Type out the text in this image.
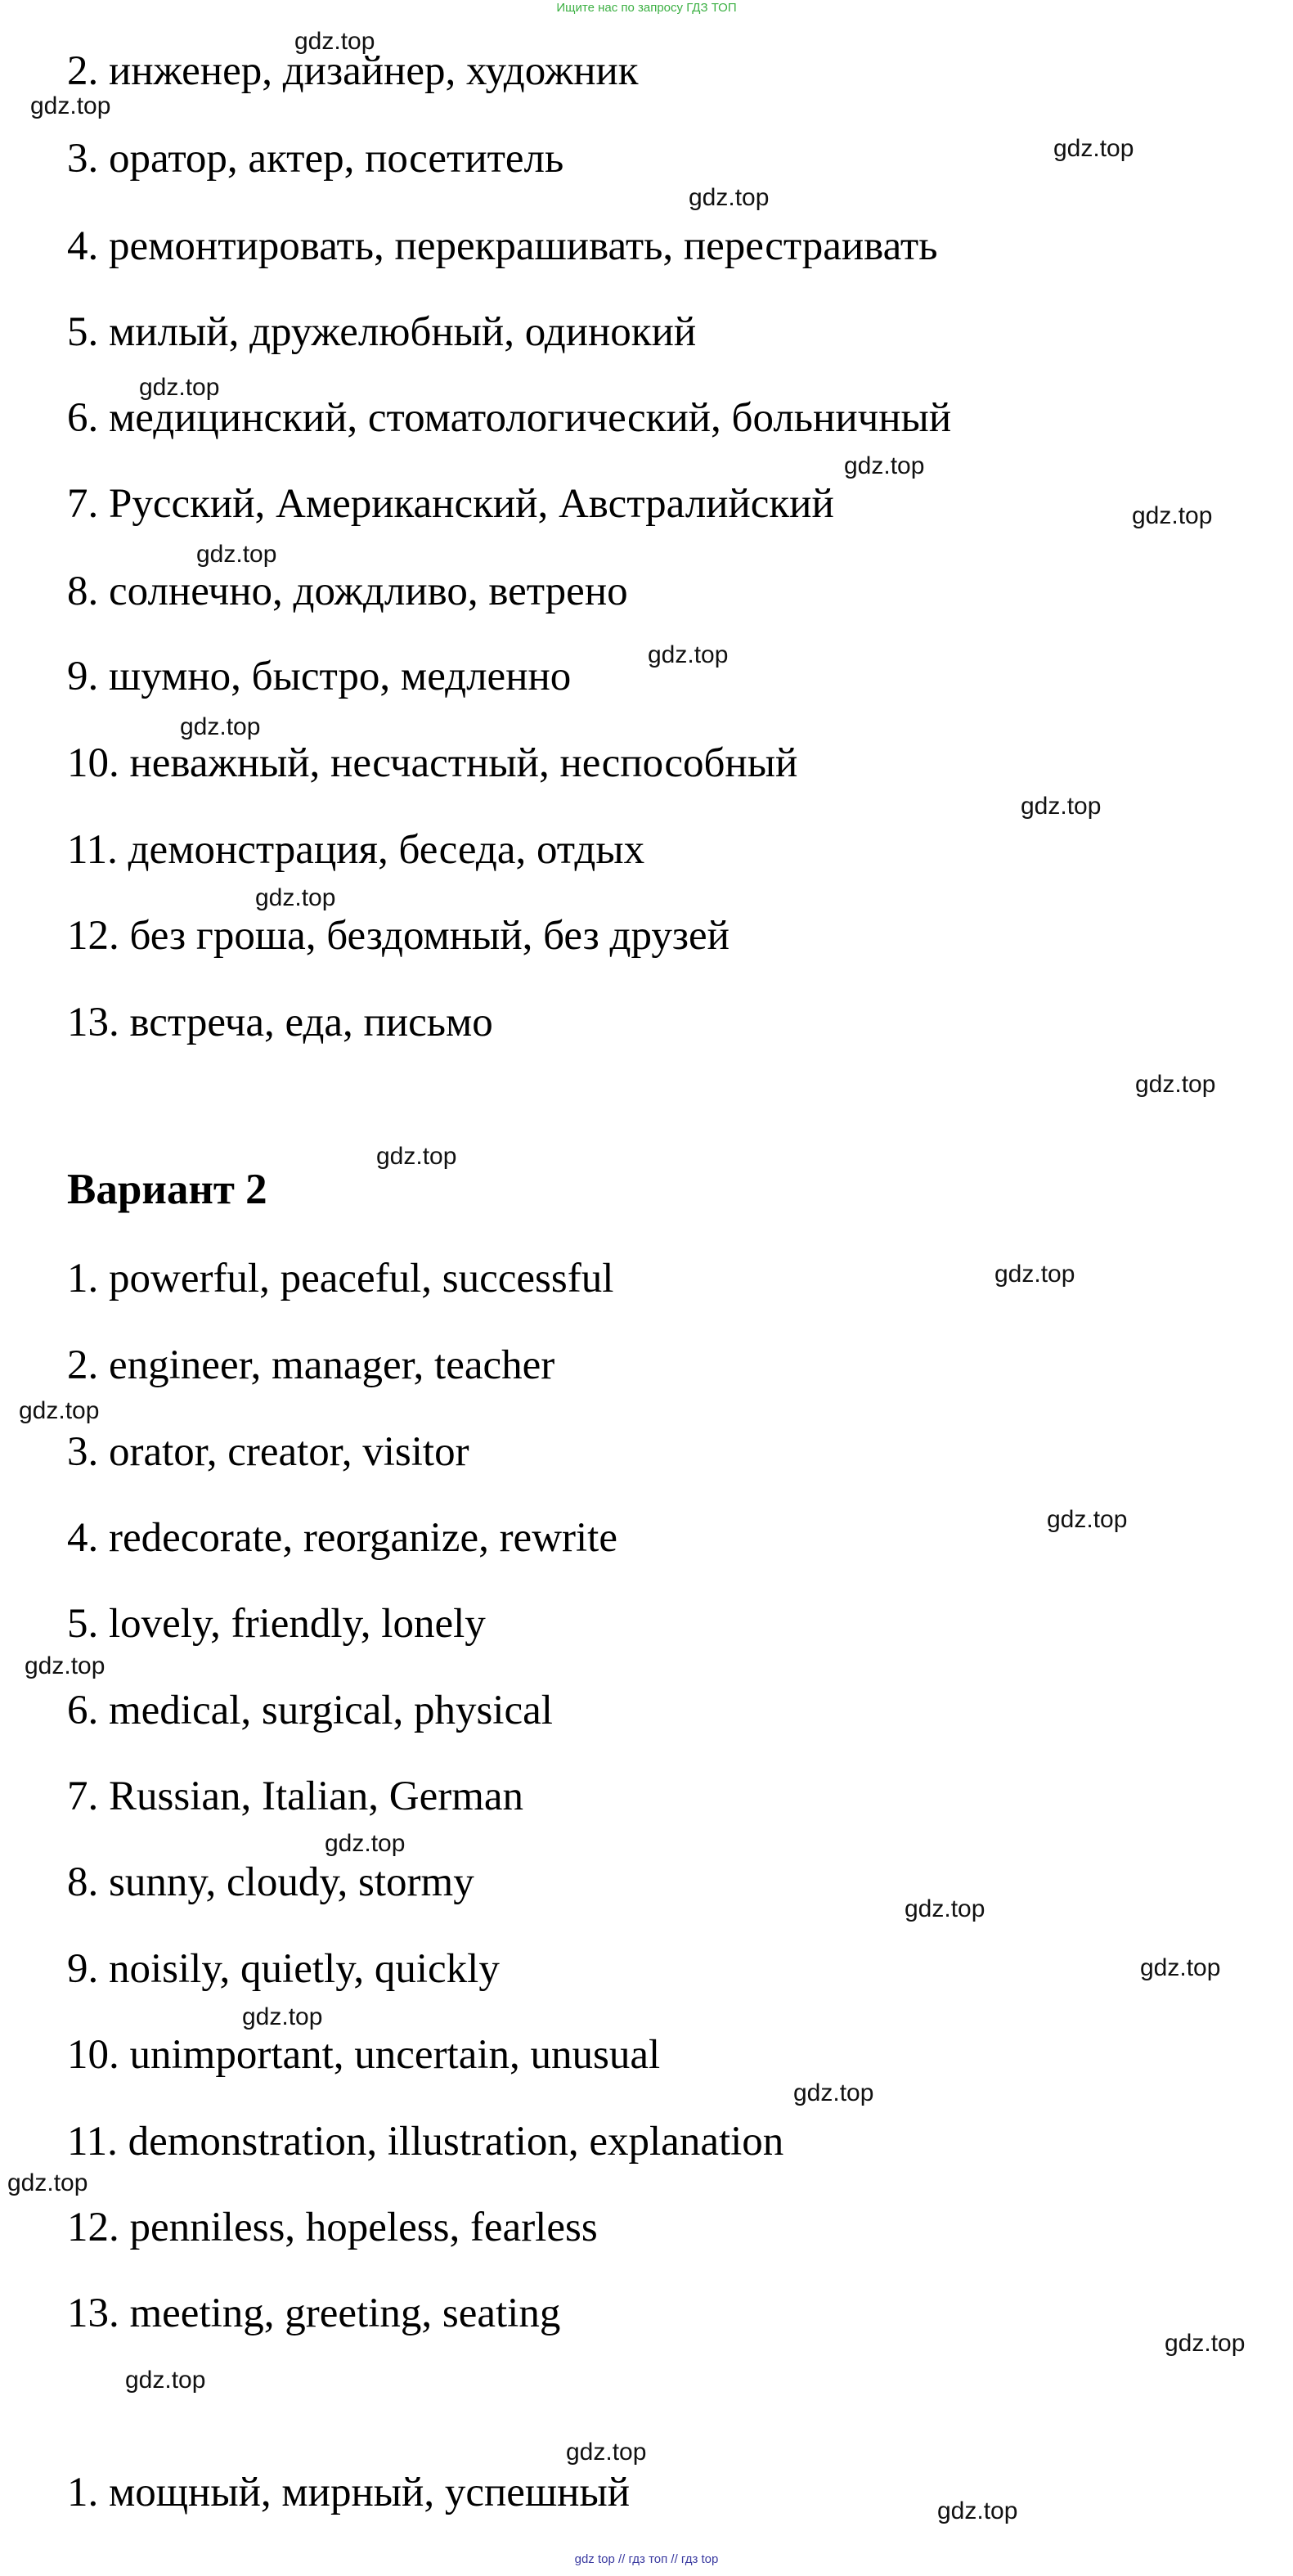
Ищите нас по запросу ГДЗ ТОП
2. инженер, дизайнер, художник
3. оратор, актер, посетитель
4. ремонтировать, перекрашивать, перестраивать
5. милый, дружелюбный, одинокий
6. медицинский, стоматологический, больничный
7. Русский, Американский, Австралийский
8. солнечно, дождливо, ветрено
9. шумно, быстро, медленно
10. неважный, несчастный, неспособный
11. демонстрация, беседа, отдых
12. без гроша, бездомный, без друзей
13. встреча, еда, письмо
Вариант 2
1. powerful, peaceful, successful
2. engineer, manager, teacher
3. orator, creator, visitor
4. redecorate, reorganize, rewrite
5. lovely, friendly, lonely
6. medical, surgical, physical
7. Russian, Italian, German
8. sunny, cloudy, stormy
9. noisily, quietly, quickly
10. unimportant, uncertain, unusual
11. demonstration, illustration, explanation
12. penniless, hopeless, fearless
13. meeting, greeting, seating
1. мощный, мирный, успешный
gdz.top
gdz.top
gdz.top
gdz.top
gdz.top
gdz.top
gdz.top
gdz.top
gdz.top
gdz.top
gdz.top
gdz.top
gdz.top
gdz.top
gdz.top
gdz.top
gdz.top
gdz.top
gdz.top
gdz.top
gdz.top
gdz.top
gdz.top
gdz.top
gdz.top
gdz.top
gdz.top
gdz.top
gdz top // гдз топ // гдз top
